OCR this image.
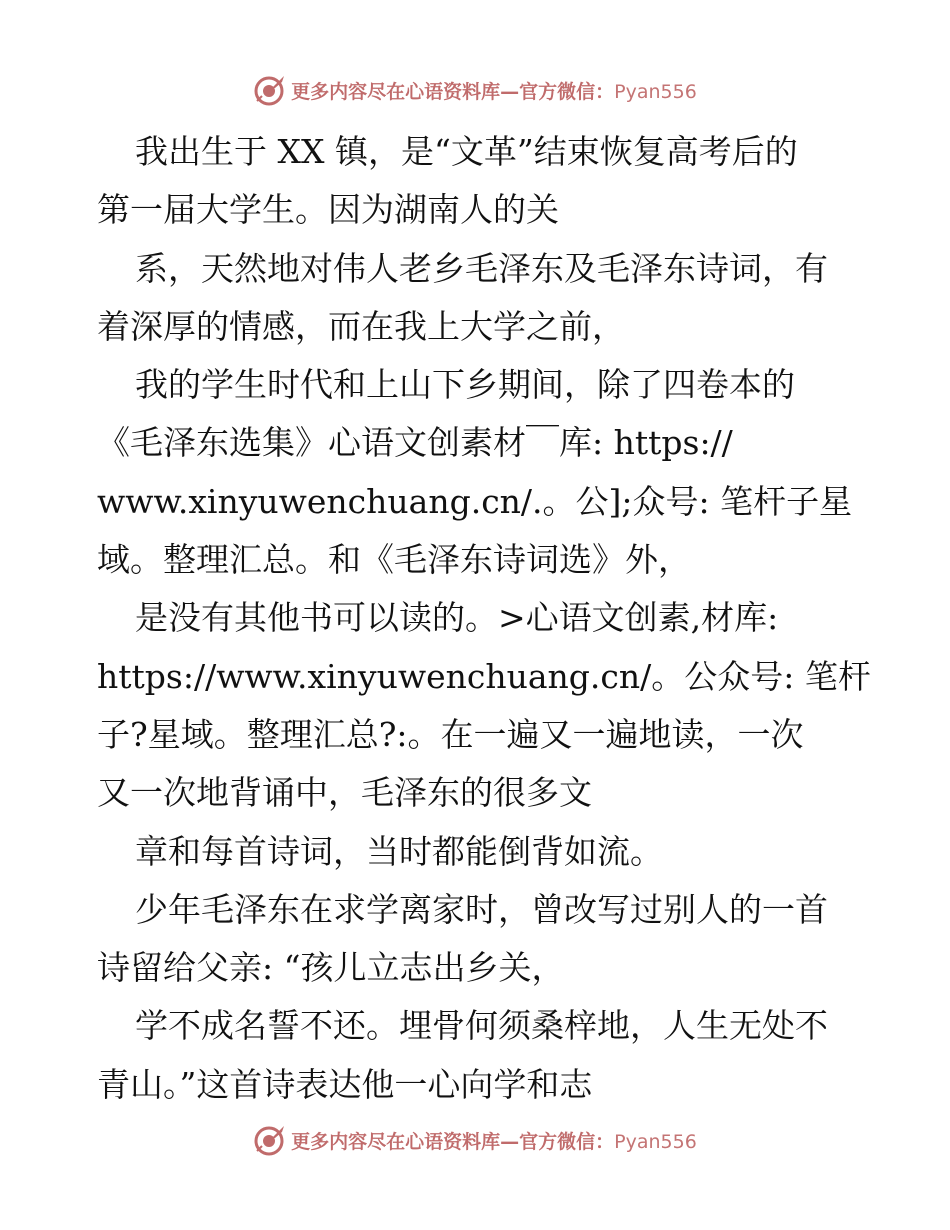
更多内容尽在心语资料库—官方微信：Pyan556
我出生于 XX 镇，是“文革”结束恢复高考后的
第一届大学生。因为湖南人的关
系，天然地对伟人老乡毛泽东及毛泽东诗词，有
着深厚的情感，而在我上大学之前，
我的学生时代和上山下乡期间，除了四卷本的
《毛泽东选集》心语文创素材￣库: https://
www.xinyuwenchuang.cn/.。公];众号: 笔杆子星
域。整理汇总。和《毛泽东诗词选》外，
是没有其他书可以读的。>心语文创素,材库:
https://www.xinyuwenchuang.cn/。公众号: 笔杆
子?星域。整理汇总?:。在一遍又一遍地读，一次
又一次地背诵中，毛泽东的很多文
章和每首诗词，当时都能倒背如流。
少年毛泽东在求学离家时，曾改写过别人的一首
诗留给父亲: “孩儿立志出乡关，
学不成名誓不还。埋骨何须桑梓地，人生无处不
青山。”这首诗表达他一心向学和志
更多内容尽在心语资料库—官方微信：Pyan556
